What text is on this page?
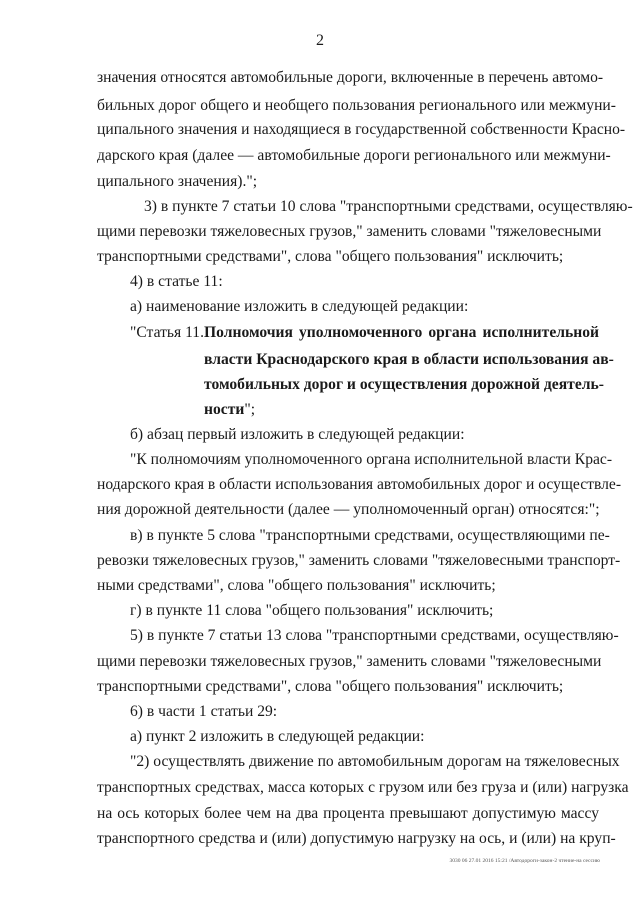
2
значения относятся автомобильные дороги, включенные в перечень автомо-
бильных дорог общего и необщего пользования регионального или межмуни-
ципального значения и находящиеся в государственной собственности Красно-
дарского края (далее — автомобильные дороги регионального или межмуни-
ципального значения).";
3) в пункте 7 статьи 10 слова "транспортными средствами, осуществляю-
щими перевозки тяжеловесных грузов," заменить словами "тяжеловесными
транспортными средствами", слова "общего пользования" исключить;
4) в статье 11:
а) наименование изложить в следующей редакции:
"Статья 11. Полномочия уполномоченного органа исполнительной
власти Краснодарского края в области использования ав-
томобильных дорог и осуществления дорожной деятель-
ности";
б) абзац первый изложить в следующей редакции:
"К полномочиям уполномоченного органа исполнительной власти Крас-
нодарского края в области использования автомобильных дорог и осуществле-
ния дорожной деятельности (далее — уполномоченный орган) относятся:";
в) в пункте 5 слова "транспортными средствами, осуществляющими пе-
ревозки тяжеловесных грузов," заменить словами "тяжеловесными транспорт-
ными средствами", слова "общего пользования" исключить;
г) в пункте 11 слова "общего пользования" исключить;
5) в пункте 7 статьи 13 слова "транспортными средствами, осуществляю-
щими перевозки тяжеловесных грузов," заменить словами "тяжеловесными
транспортными средствами", слова "общего пользования" исключить;
6) в части 1 статьи 29:
а) пункт 2 изложить в следующей редакции:
"2) осуществлять движение по автомобильным дорогам на тяжеловесных
транспортных средствах, масса которых с грузом или без груза и (или) нагрузка
на ось которых более чем на два процента превышают допустимую массу
транспортного средства и (или) допустимую нагрузку на ось, и (или) на круп-
3030 06 27.01 2016 15:21 /Автодороги-закон-2 чтение-на сессию
